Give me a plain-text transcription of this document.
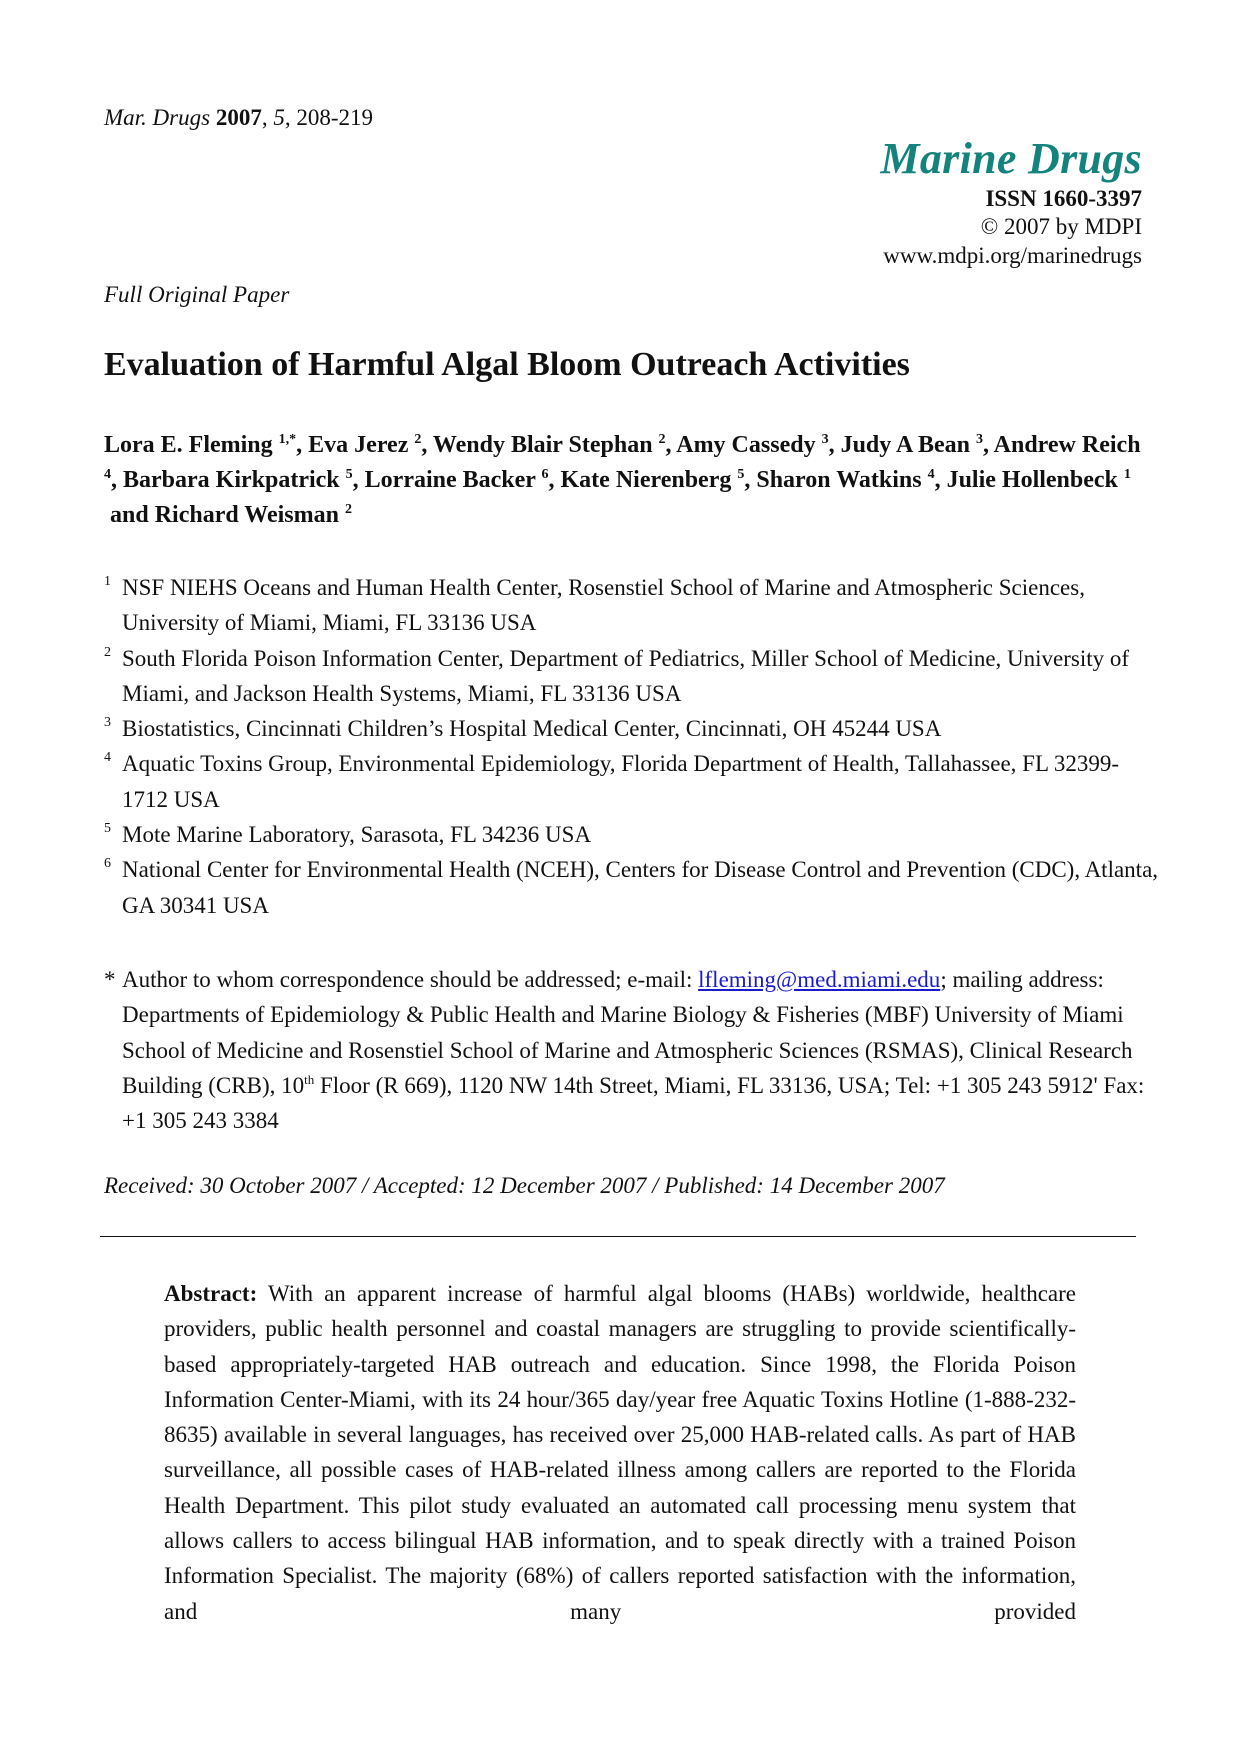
Mar. Drugs 2007, 5, 208-219
Marine Drugs
ISSN 1660-3397
© 2007 by MDPI
www.mdpi.org/marinedrugs
Full Original Paper
Evaluation of Harmful Algal Bloom Outreach Activities
Lora E. Fleming $^{1,*}$, Eva Jerez $^2$, Wendy Blair Stephan $^2$, Amy Cassedy $^3$, Judy A Bean $^3$, Andrew Reich $^4$, Barbara Kirkpatrick $^5$, Lorraine Backer $^6$, Kate Nierenberg $^5$, Sharon Watkins $^4$, Julie Hollenbeck $^1$ and Richard Weisman $^2$
1 NSF NIEHS Oceans and Human Health Center, Rosenstiel School of Marine and Atmospheric Sciences, University of Miami, Miami, FL 33136 USA
2 South Florida Poison Information Center, Department of Pediatrics, Miller School of Medicine, University of Miami, and Jackson Health Systems, Miami, FL 33136 USA
3 Biostatistics, Cincinnati Children’s Hospital Medical Center, Cincinnati, OH 45244 USA
4 Aquatic Toxins Group, Environmental Epidemiology, Florida Department of Health, Tallahassee, FL 32399-1712 USA
5 Mote Marine Laboratory, Sarasota, FL 34236 USA
6 National Center for Environmental Health (NCEH), Centers for Disease Control and Prevention (CDC), Atlanta, GA 30341 USA
* Author to whom correspondence should be addressed; e-mail: lfleming@med.miami.edu; mailing address: Departments of Epidemiology & Public Health and Marine Biology & Fisheries (MBF) University of Miami School of Medicine and Rosenstiel School of Marine and Atmospheric Sciences (RSMAS), Clinical Research Building (CRB), 10th Floor (R 669), 1120 NW 14th Street, Miami, FL 33136, USA; Tel: +1 305 243 5912' Fax: +1 305 243 3384
Received: 30 October 2007 / Accepted: 12 December 2007 / Published: 14 December 2007
Abstract: With an apparent increase of harmful algal blooms (HABs) worldwide, healthcare providers, public health personnel and coastal managers are struggling to provide scientifically-based appropriately-targeted HAB outreach and education. Since 1998, the Florida Poison Information Center-Miami, with its 24 hour/365 day/year free Aquatic Toxins Hotline (1-888-232-8635) available in several languages, has received over 25,000 HAB-related calls. As part of HAB surveillance, all possible cases of HAB-related illness among callers are reported to the Florida Health Department. This pilot study evaluated an automated call processing menu system that allows callers to access bilingual HAB information, and to speak directly with a trained Poison Information Specialist. The majority (68%) of callers reported satisfaction with the information, and many provided
